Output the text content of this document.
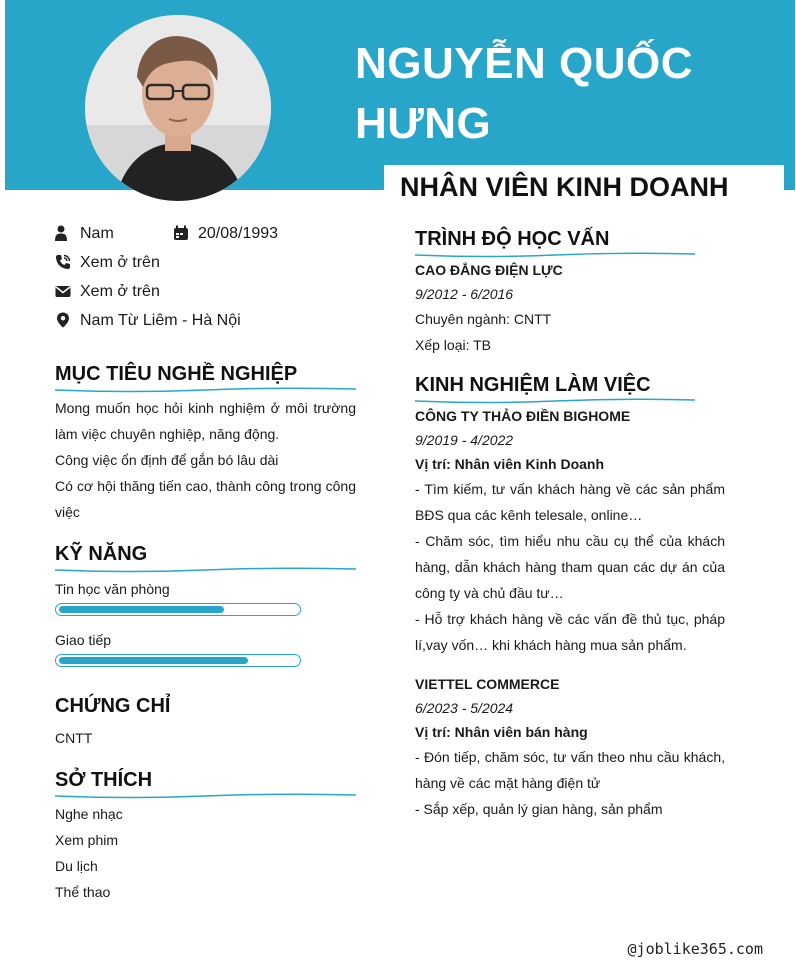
NGUYỄN QUỐC
HƯNG
NHÂN VIÊN KINH DOANH
Nam	20/08/1993
Xem ở trên
Xem ở trên
Nam Từ Liêm - Hà Nội
MỤC TIÊU NGHỀ NGHIỆP
Mong muốn học hỏi kinh nghiệm ở môi trường làm việc chuyên nghiệp, năng động.
Công việc ổn định để gắn bó lâu dài
Có cơ hội thăng tiến cao, thành công trong công việc
KỸ NĂNG
Tin học văn phòng
Giao tiếp
CHỨNG CHỈ
CNTT
SỞ THÍCH
Nghe nhạc
Xem phim
Du lịch
Thể thao
TRÌNH ĐỘ HỌC VẤN
CAO ĐẲNG ĐIỆN LỰC
9/2012 - 6/2016
Chuyên ngành: CNTT
Xếp loại: TB
KINH NGHIỆM LÀM VIỆC
CÔNG TY THẢO ĐIỀN BIGHOME
9/2019 - 4/2022
Vị trí: Nhân viên Kinh Doanh
- Tìm kiếm, tư vấn khách hàng về các sản phẩm BĐS qua các kênh telesale, online…
- Chăm sóc, tìm hiểu nhu cầu cụ thể của khách hàng, dẫn khách hàng tham quan các dự án của công ty và chủ đầu tư…
- Hỗ trợ khách hàng về các vấn đề thủ tục, pháp lí,vay vốn… khi khách hàng mua sản phẩm.
VIETTEL COMMERCE
6/2023 - 5/2024
Vị trí: Nhân viên bán hàng
- Đón tiếp, chăm sóc, tư vấn theo nhu cầu khách, hàng về các mặt hàng điện tử
- Sắp xếp, quản lý gian hàng, sản phẩm
@joblike365.com
